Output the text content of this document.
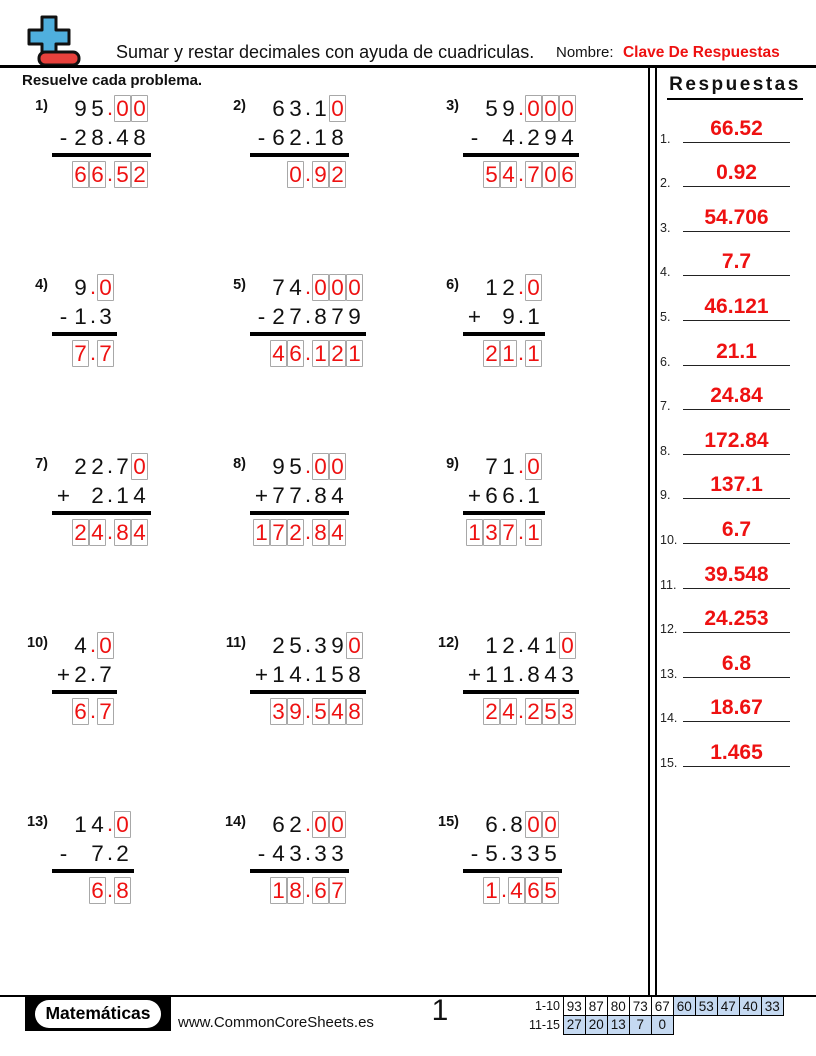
Sumar y restar decimales con ayuda de cuadriculas. Nombre: Clave De Respuestas
Resuelve cada problema.	Respuestas
1.	66.52
2.	0.92
3.	54.706
4.	7.7
5.	46.121
6.	21.1
7.	24.84
8.	172.84
9.	137.1
10.	6.7
11.	39.548
12.	24.253
13.	6.8
14.	18.67
15.	1.465
1) 9 5 . 0 0
- 2 8 . 4 8
6 6 . 5 2
2) 6 3 . 1 0
- 6 2 . 1 8
0 . 9 2
3) 5 9 . 0 0 0
- 4 . 2 9 4
5 4 . 7 0 6
4) 9 . 0
- 1 . 3
7 . 7
5) 7 4 . 0 0 0
- 2 7 . 8 7 9
4 6 . 1 2 1
6) 1 2 . 0
+ 9 . 1
2 1 . 1
7) 2 2 . 7 0
+ 2 . 1 4
2 4 . 8 4
8) 9 5 . 0 0
+ 7 7 . 8 4
1 7 2 . 8 4
9) 7 1 . 0
+ 6 6 . 1
1 3 7 . 1
10) 4 . 0
+ 2 . 7
6 . 7
11) 2 5 . 3 9 0
+ 1 4 . 1 5 8
3 9 . 5 4 8
12) 1 2 . 4 1 0
+ 1 1 . 8 4 3
2 4 . 2 5 3
13) 1 4 . 0
- 7 . 2
6 . 8
14) 6 2 . 0 0
- 4 3 . 3 3
1 8 . 6 7
15) 6 . 8 0 0
- 5 . 3 3 5
1 . 4 6 5
Matemáticas	www.CommonCoreSheets.es	1	1-10 93 87 80 73 67 60 53 47 40 33
11-15 27 20 13 7	0
